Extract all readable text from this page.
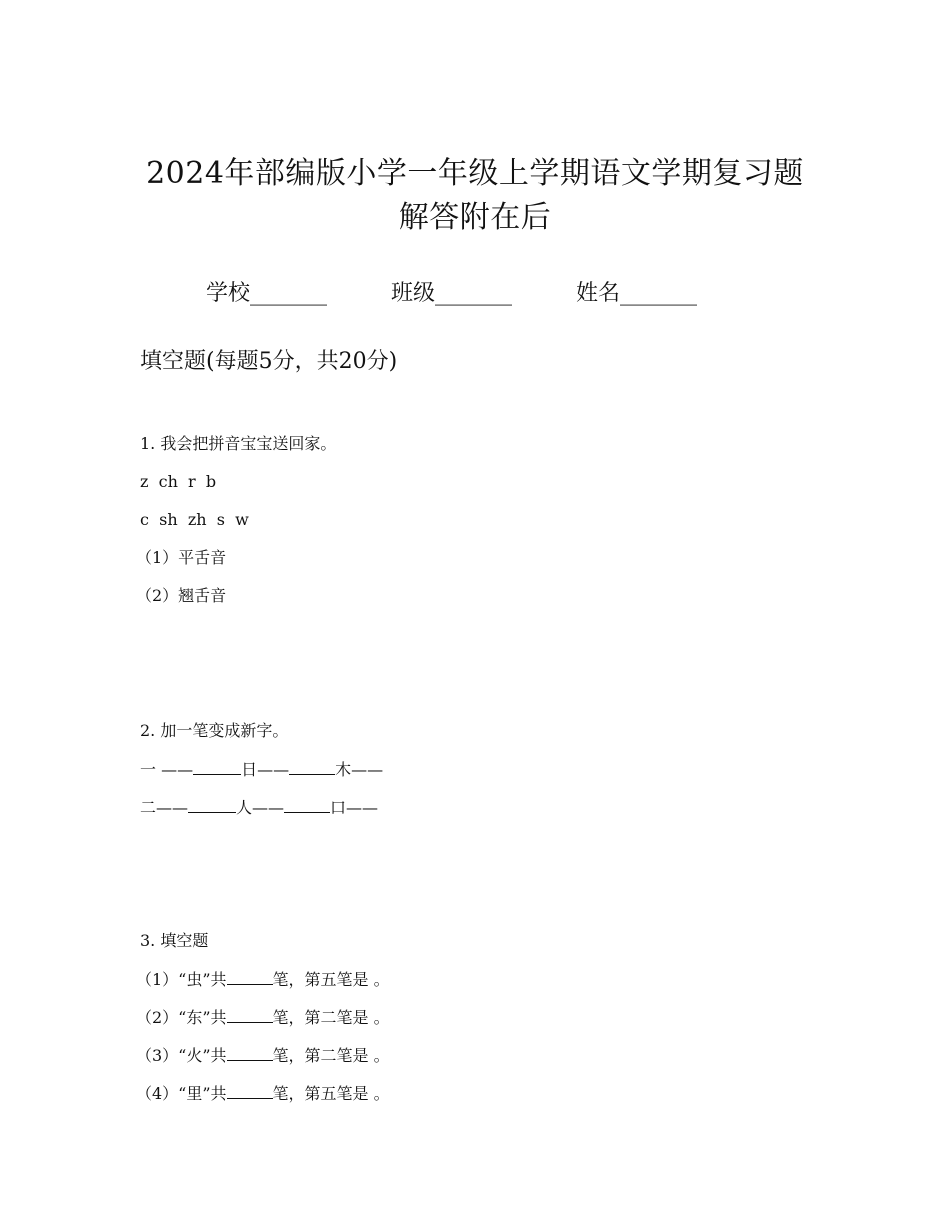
2024年部编版小学一年级上学期语文学期复习题
解答附在后
学校_______	班级_______	姓名_______
填空题(每题5分，共20分)
1. 我会把拼音宝宝送回家。
z  ch  r  b
c  sh  zh  s  w
（1）平舌音
（2）翘舌音
2. 加一笔变成新字。
一 ——	日——	木——
二——	人——	口——
3. 填空题
（1）“虫”共	笔，第五笔是 。
（2）“东”共	笔，第二笔是 。
（3）“火”共	笔，第二笔是 。
（4）“里”共	笔，第五笔是 。
